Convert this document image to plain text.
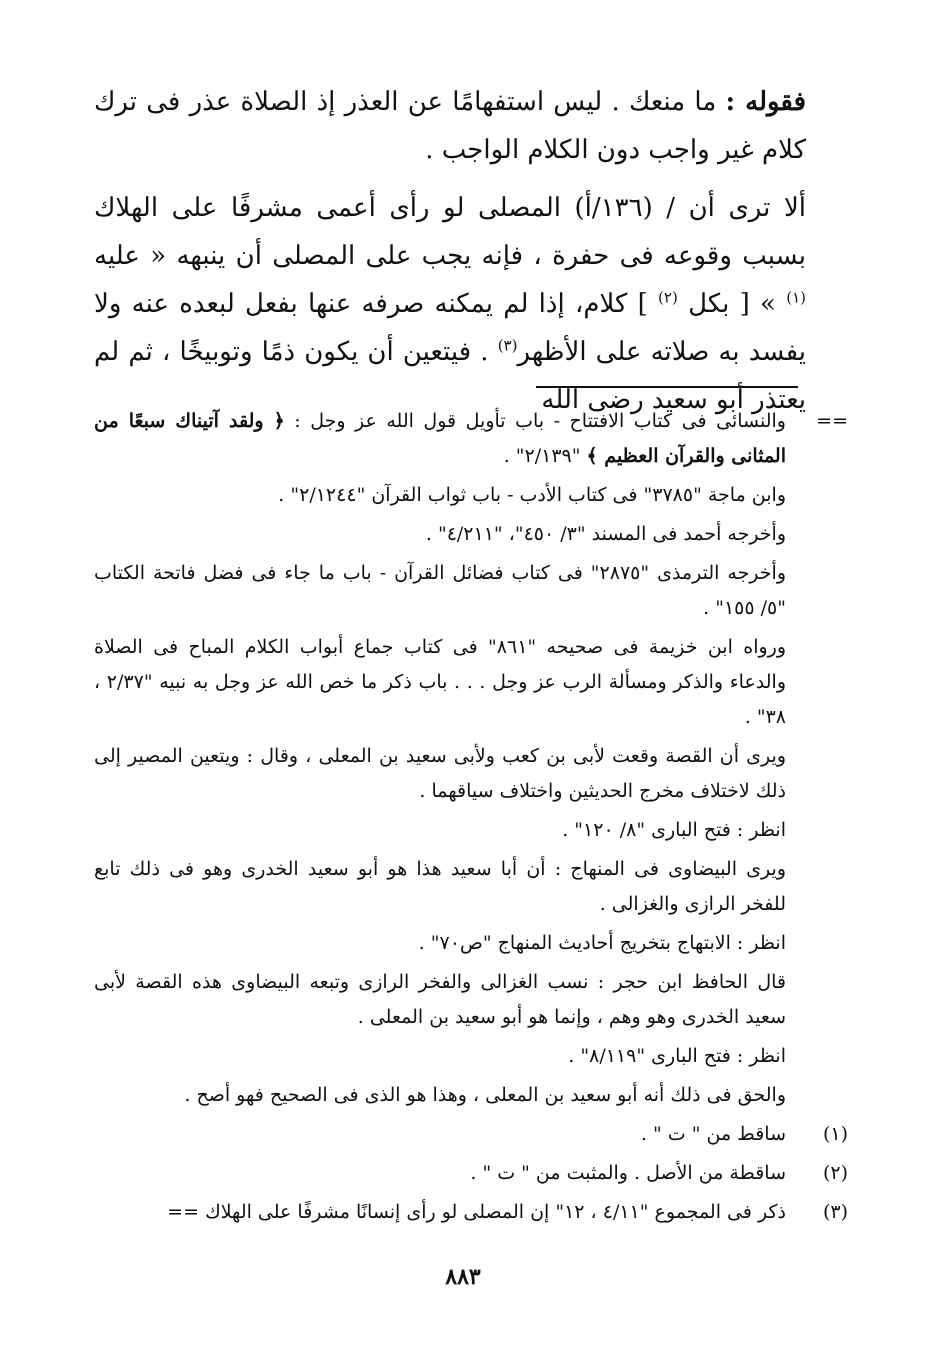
فقوله : ما منعك . ليس استفهامًا عن العذر إذ الصلاة عذر فى ترك كلام غير واجب دون الكلام الواجب .

ألا ترى أن / (١٣٦/أ) المصلى لو رأى أعمى مشرفًا على الهلاك بسبب وقوعه فى حفرة ، فإنه يجب على المصلى أن ينبهه « عليه $^{(١)}$ » [ بكل $^{(٢)}$ ] كلام، إذا لم يمكنه صرفه عنها بفعل لبعده عنه ولا يفسد به صلاته على الأظهر$^{(٣)}$ . فيتعين أن يكون ذمًا وتوبيخًا ، ثم لم يعتذر أبو سعيد رضى الله

==
والنسائى فى كتاب الافتتاح - باب تأويل قول الله عز وجل : ﴿ ولقد آتيناك سبعًا من المثانى والقرآن العظيم ﴾ "٢/١٣٩" .
وابن ماجة "٣٧٨٥" فى كتاب الأدب - باب ثواب القرآن "٢/١٢٤٤" .
وأخرجه أحمد فى المسند "٣/ ٤٥٠"، "٤/٢١١" .
وأخرجه الترمذى "٢٨٧٥" فى كتاب فضائل القرآن - باب ما جاء فى فضل فاتحة الكتاب "٥/ ١٥٥" .
ورواه ابن خزيمة فى صحيحه "٨٦١" فى كتاب جماع أبواب الكلام المباح فى الصلاة والدعاء والذكر ومسألة الرب عز وجل . . . باب ذكر ما خص الله عز وجل به نبيه "٢/٣٧ ، ٣٨" .
ويرى أن القصة وقعت لأبى بن كعب ولأبى سعيد بن المعلى ، وقال : ويتعين المصير إلى ذلك لاختلاف مخرج الحديثين واختلاف سياقهما .
انظر : فتح البارى "٨/ ١٢٠" .
ويرى البيضاوى فى المنهاج : أن أبا سعيد هذا هو أبو سعيد الخدرى وهو فى ذلك تابع للفخر الرازى والغزالى .
انظر : الابتهاج بتخريج أحاديث المنهاج "ص٧٠" .
قال الحافظ ابن حجر : نسب الغزالى والفخر الرازى وتبعه البيضاوى هذه القصة لأبى سعيد الخدرى وهو وهم ، وإنما هو أبو سعيد بن المعلى .
انظر : فتح البارى "٨/١١٩" .
والحق فى ذلك أنه أبو سعيد بن المعلى ، وهذا هو الذى فى الصحيح فهو أصح .
(١)
ساقط من " ت " .
(٢)
ساقطة من الأصل . والمثبت من " ت " .
(٣)
ذكر فى المجموع "٤/١١ ، ١٢" إن المصلى لو رأى إنسانًا مشرفًا على الهلاك ==
٨٨٣
